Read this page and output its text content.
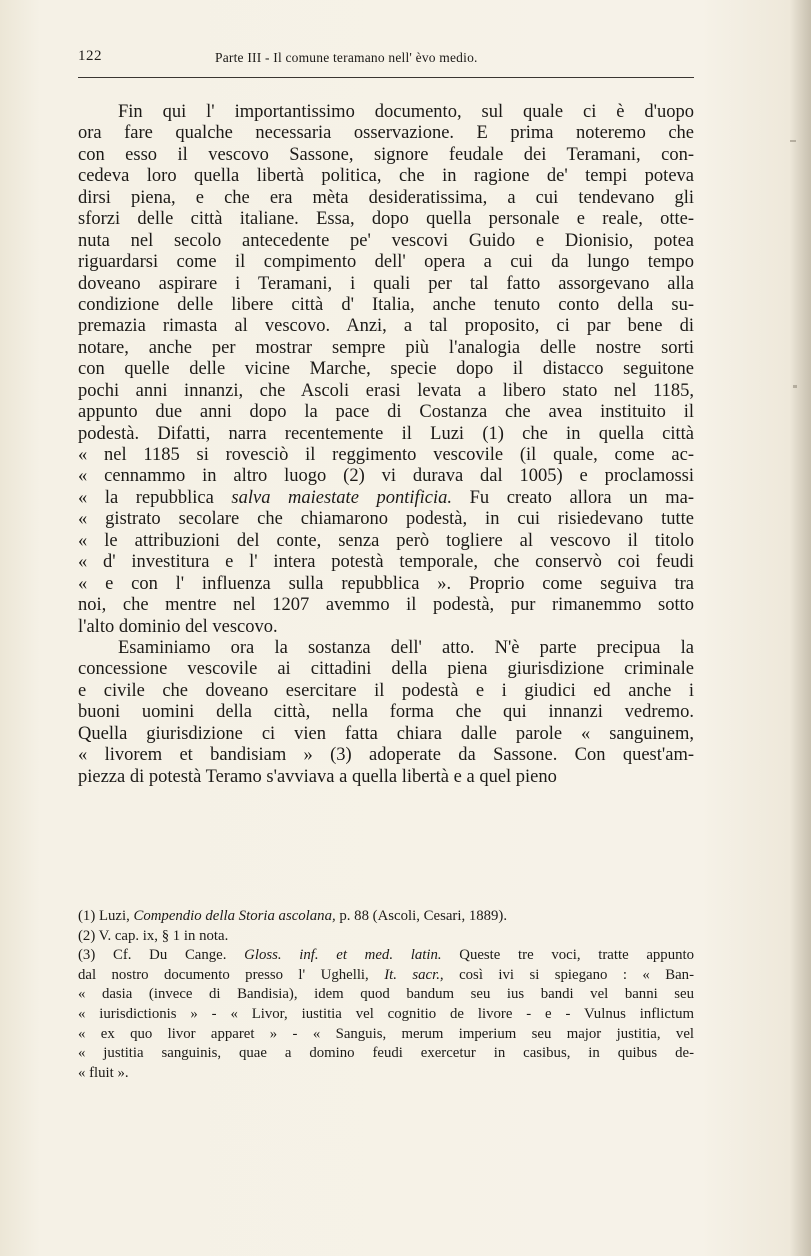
122	Parte III - Il comune teramano nell' èvo medio.
Fin qui l' importantissimo documento, sul quale ci è d'uopo
ora fare qualche necessaria osservazione. E prima noteremo che
con esso il vescovo Sassone, signore feudale dei Teramani, con-
cedeva loro quella libertà politica, che in ragione de' tempi poteva
dirsi piena, e che era mèta desideratissima, a cui tendevano gli
sforzi delle città italiane. Essa, dopo quella personale e reale, otte-
nuta nel secolo antecedente pe' vescovi Guido e Dionisio, potea
riguardarsi come il compimento dell' opera a cui da lungo tempo
doveano aspirare i Teramani, i quali per tal fatto assorgevano alla
condizione delle libere città d' Italia, anche tenuto conto della su-
premazia rimasta al vescovo. Anzi, a tal proposito, ci par bene di
notare, anche per mostrar sempre più l'analogia delle nostre sorti
con quelle delle vicine Marche, specie dopo il distacco seguitone
pochi anni innanzi, che Ascoli erasi levata a libero stato nel 1185,
appunto due anni dopo la pace di Costanza che avea instituito il
podestà. Difatti, narra recentemente il Luzi (1) che in quella città
« nel 1185 si rovesciò il reggimento vescovile (il quale, come ac-
« cennammo in altro luogo (2) vi durava dal 1005) e proclamossi
« la repubblica salva maiestate pontificia. Fu creato allora un ma-
« gistrato secolare che chiamarono podestà, in cui risiedevano tutte
« le attribuzioni del conte, senza però togliere al vescovo il titolo
« d' investitura e l' intera potestà temporale, che conservò coi feudi
« e con l' influenza sulla repubblica ». Proprio come seguiva tra
noi, che mentre nel 1207 avemmo il podestà, pur rimanemmo sotto
l'alto dominio del vescovo.
Esaminiamo ora la sostanza dell' atto. N'è parte precipua la
concessione vescovile ai cittadini della piena giurisdizione criminale
e civile che doveano esercitare il podestà e i giudici ed anche i
buoni uomini della città, nella forma che qui innanzi vedremo.
Quella giurisdizione ci vien fatta chiara dalle parole « sanguinem,
« livorem et bandisiam » (3) adoperate da Sassone. Con quest'am-
piezza di potestà Teramo s'avviava a quella libertà e a quel pieno
(1) Luzi, Compendio della Storia ascolana, p. 88 (Ascoli, Cesari, 1889).
(2) V. cap. ix, § 1 in nota.
(3) Cf. Du Cange. Gloss. inf. et med. latin. Queste tre voci, tratte appunto
dal nostro documento presso l' Ughelli, It. sacr., così ivi si spiegano : « Ban-
« dasia (invece di Bandisia), idem quod bandum seu ius bandi vel banni seu
« iurisdictionis » - « Livor, iustitia vel cognitio de livore - e - Vulnus inflictum
« ex quo livor apparet » - « Sanguis, merum imperium seu major justitia, vel
« justitia sanguinis, quae a domino feudi exercetur in casibus, in quibus de-
« fluit ».
